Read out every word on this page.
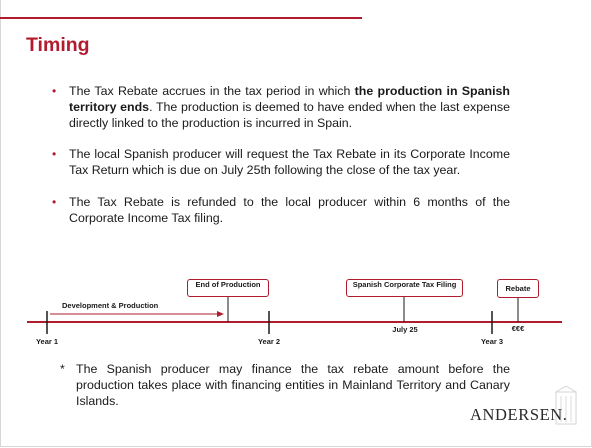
Timing
• The Tax Rebate accrues in the tax period in which the production in Spanish territory ends. The production is deemed to have ended when the last expense directly linked to the production is incurred in Spain.
• The local Spanish producer will request the Tax Rebate in its Corporate Income Tax Return which is due on July 25th following the close of the tax year.
• The Tax Rebate is refunded to the local producer within 6 months of the Corporate Income Tax filing.
End of Production	Spanish Corporate Tax Filing	Rebate
Development & Production
July 25	€€€
Year 1	Year 2	Year 3
* The Spanish producer may finance the tax rebate amount before the production takes place with financing entities in Mainland Territory and Canary Islands.
ANDERSEN.
